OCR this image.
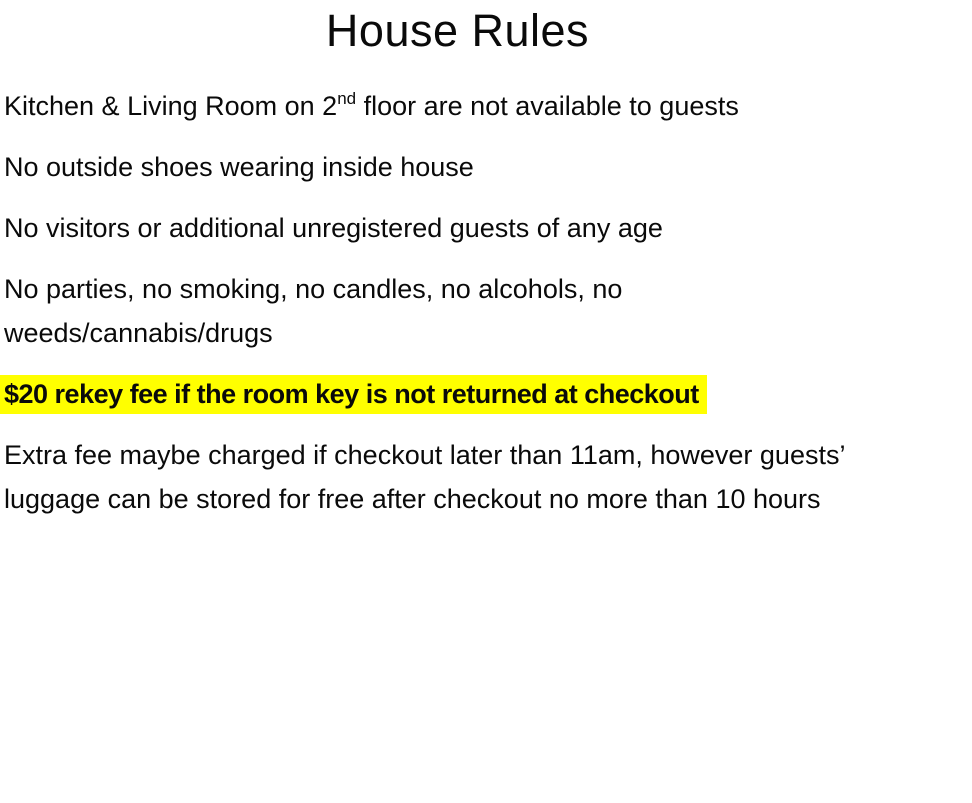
House Rules

Kitchen & Living Room on 2nd floor are not available to guests

No outside shoes wearing inside house

No visitors or additional unregistered guests of any age

No parties, no smoking, no candles, no alcohols, no
weeds/cannabis/drugs

$20 rekey fee if the room key is not returned at checkout

Extra fee maybe charged if checkout later than 11am, however guests’
luggage can be stored for free after checkout no more than 10 hours
